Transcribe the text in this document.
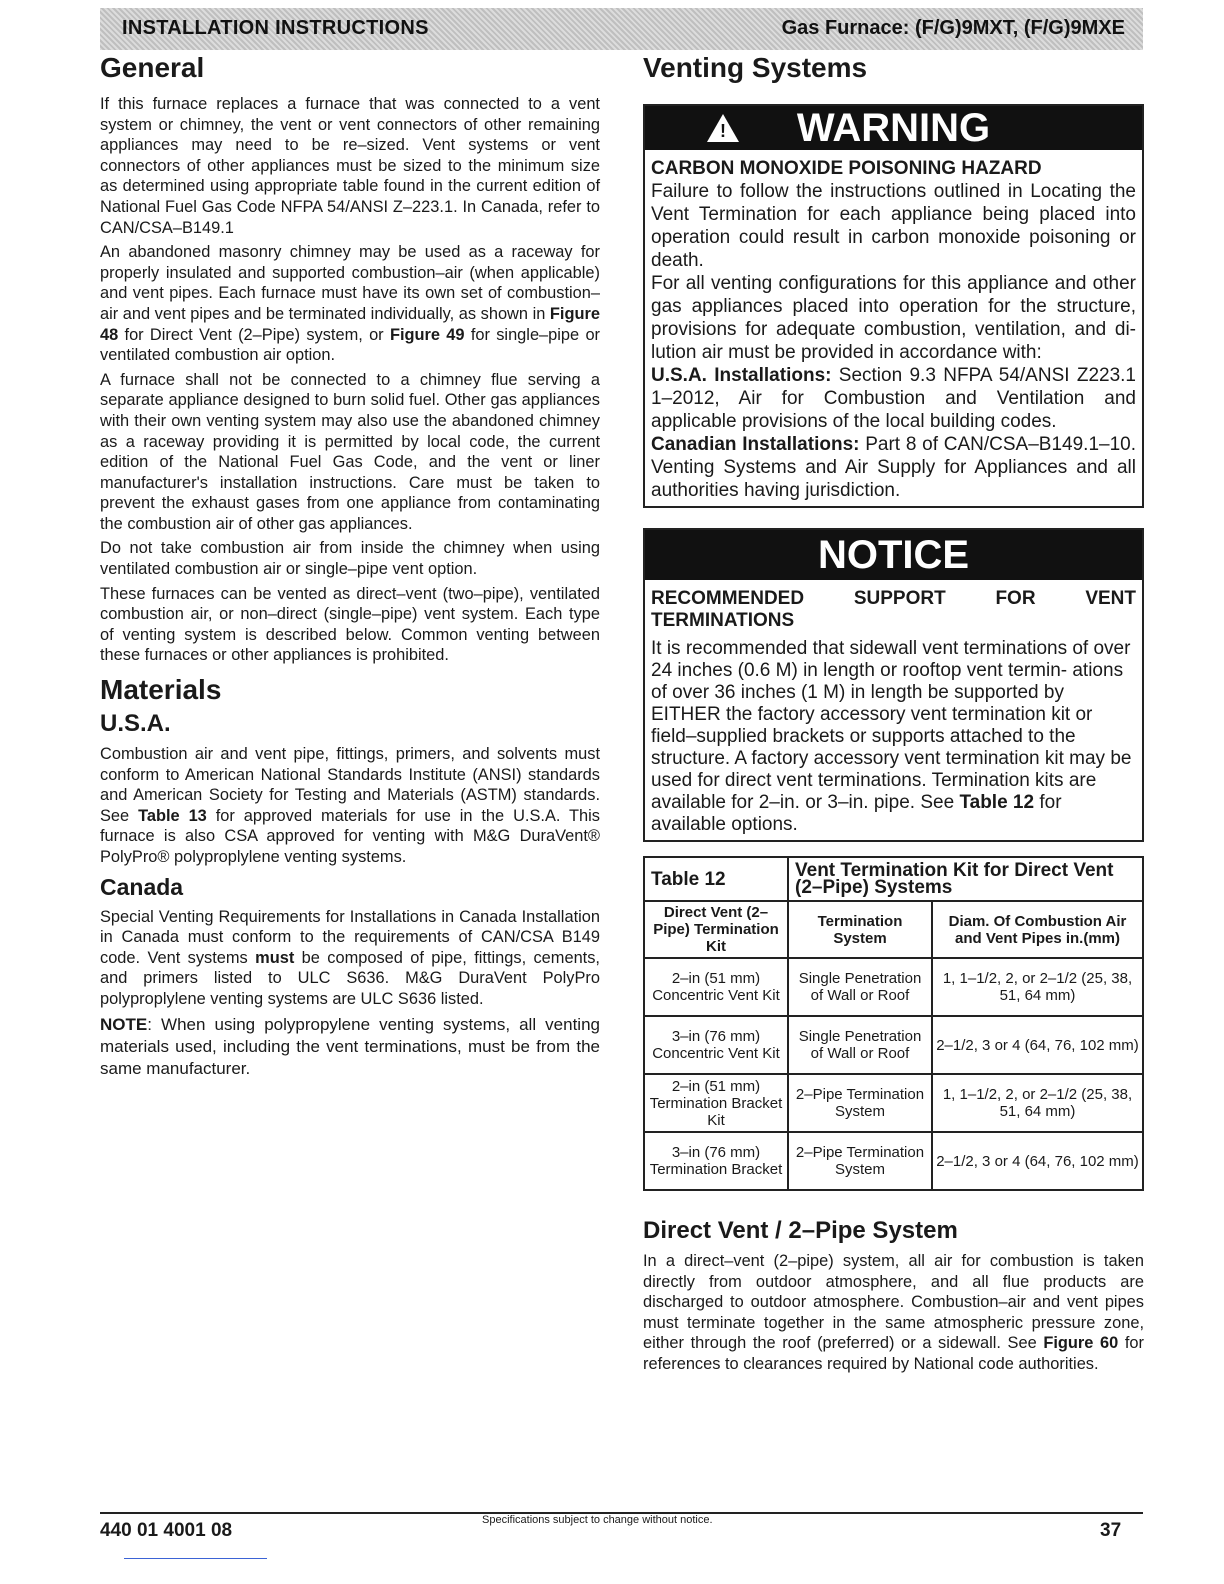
INSTALLATION INSTRUCTIONS	Gas Furnace: (F/G)9MXT, (F/G)9MXE
General

If this furnace replaces a furnace that was connected to a vent system or chimney, the vent or vent connectors of other remaining appliances may need to be re–sized. Vent systems or vent connectors of other appliances must be sized to the minimum size as determined using appropriate table found in the current edition of National Fuel Gas Code NFPA 54/ANSI Z–223.1. In Canada, refer to CAN/CSA–B149.1

An abandoned masonry chimney may be used as a raceway for properly insulated and supported combustion–air (when applicable) and vent pipes. Each furnace must have its own set of combustion–air and vent pipes and be terminated individually, as shown in Figure 48 for Direct Vent (2–Pipe) system, or Figure 49 for single–pipe or ventilated combustion air option.

A furnace shall not be connected to a chimney flue serving a separate appliance designed to burn solid fuel. Other gas appliances with their own venting system may also use the abandoned chimney as a raceway providing it is permitted by local code, the current edition of the National Fuel Gas Code, and the vent or liner manufacturer's installation instructions. Care must be taken to prevent the exhaust gases from one appliance from contaminating the combustion air of other gas appliances.

Do not take combustion air from inside the chimney when using ventilated combustion air or single–pipe vent option.

These furnaces can be vented as direct–vent (two–pipe), ventilated combustion air, or non–direct (single–pipe) vent system. Each type of venting system is described below. Common venting between these furnaces or other appliances is prohibited.

Materials
U.S.A.

Combustion air and vent pipe, fittings, primers, and solvents must conform to American National Standards Institute (ANSI) standards and American Society for Testing and Materials (ASTM) standards. See Table 13 for approved materials for use in the U.S.A. This furnace is also CSA approved for venting with M&G DuraVent® PolyPro® polyproplylene venting systems.

Canada

Special Venting Requirements for Installations in Canada Installation in Canada must conform to the requirements of CAN/CSA B149 code. Vent systems must be composed of pipe, fittings, cements, and primers listed to ULC S636. M&G DuraVent PolyPro polyproplylene venting systems are ULC S636 listed.

NOTE: When using polypropylene venting systems, all venting materials used, including the vent terminations, must be from the same manufacturer.

Venting Systems
!
WARNING
CARBON MONOXIDE POISONING HAZARD

Failure to follow the instructions outlined in Locating the Vent Termination for each appliance being placed into operation could result in carbon monoxide poisoning or death.

For all venting configurations for this appliance and other gas appliances placed into operation for the structure, provisions for adequate combustion, ventilation, and di- lution air must be provided in accordance with:

U.S.A. Installations: Section 9.3 NFPA 54/ANSI Z223.1 1–2012, Air for Combustion and Ventilation and applicable provisions of the local building codes.

Canadian Installations: Part 8 of CAN/CSA–B149.1–10. Venting Systems and Air Supply for Appliances and all authorities having jurisdiction.

NOTICE

RECOMMENDED SUPPORT FOR VENT TERMINATIONS

It is recommended that sidewall vent terminations of over 24 inches (0.6 M) in length or rooftop vent termin- ations of over 36 inches (1 M) in length be supported by EITHER the factory accessory vent termination kit or field–supplied brackets or supports attached to the structure. A factory accessory vent termination kit may be used for direct vent terminations. Termination kits are available for 2–in. or 3–in. pipe. See Table 12 for available options.

Table 12	Vent Termination Kit for Direct Vent (2–Pipe) Systems	
Direct Vent (2–Pipe) Termination Kit	Termination System	Diam. Of Combustion Air and Vent Pipes in.(mm)
2–in (51 mm) Concentric Vent Kit	Single Penetration of Wall or Roof	1, 1–1/2, 2, or 2–1/2 (25, 38, 51, 64 mm)
3–in (76 mm) Concentric Vent Kit	Single Penetration of Wall or Roof	2–1/2, 3 or 4 (64, 76, 102 mm)
2–in (51 mm) Termination Bracket Kit	2–Pipe Termination System	1, 1–1/2, 2, or 2–1/2 (25, 38, 51, 64 mm)
3–in (76 mm) Termination Bracket	2–Pipe Termination System	2–1/2, 3 or 4 (64, 76, 102 mm)
Direct Vent / 2–Pipe System

In a direct–vent (2–pipe) system, all air for combustion is taken directly from outdoor atmosphere, and all flue products are discharged to outdoor atmosphere. Combustion–air and vent pipes must terminate together in the same atmospheric pressure zone, either through the roof (preferred) or a sidewall. See Figure 60 for references to clearances required by National code authorities.

440 01 4001 08	Specifications subject to change without notice.	37
